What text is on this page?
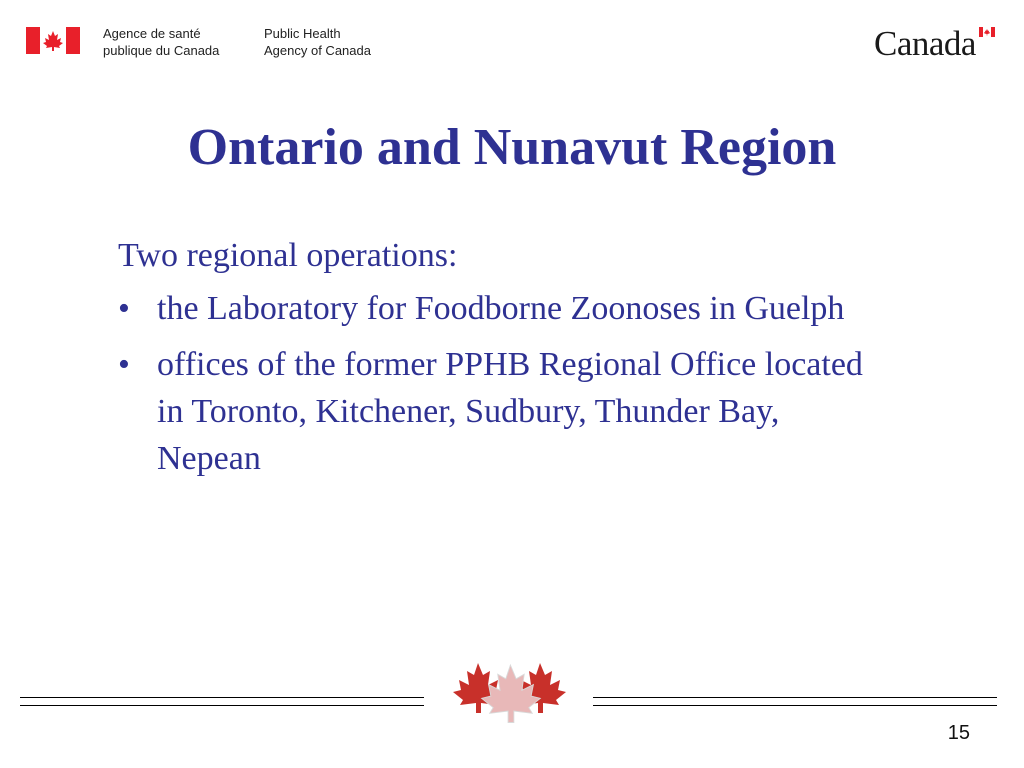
Agence de santé
publique du Canada
Public Health
Agency of Canada	Canada
Ontario and Nunavut Region

Two regional operations:

• the Laboratory for Foodborne Zoonoses in Guelph
• offices of the former PPHB Regional Office located in Toronto, Kitchener, Sudbury, Thunder Bay, Nepean
15
